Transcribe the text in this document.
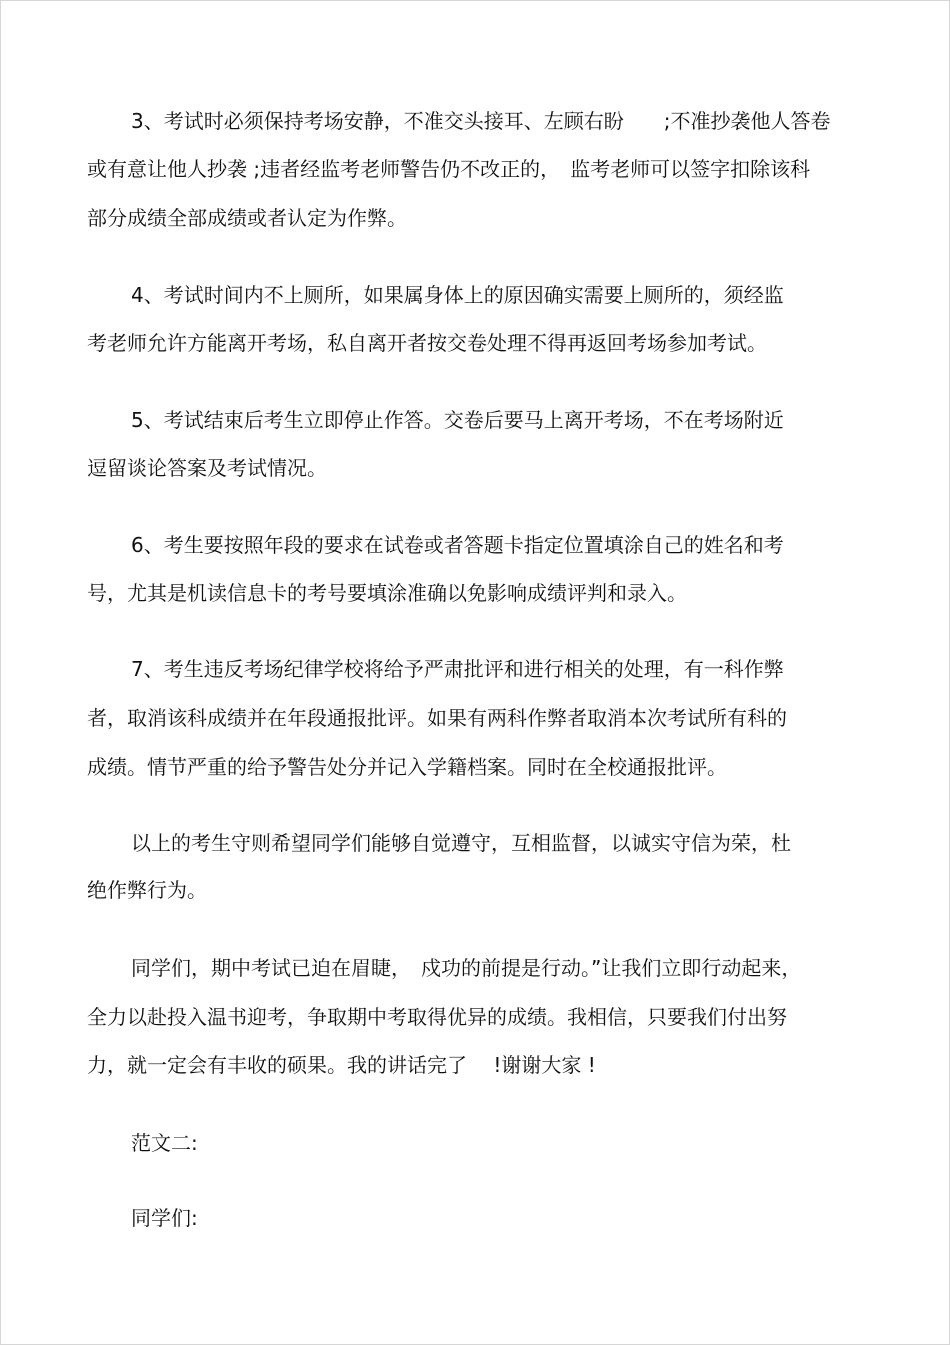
3、考试时必须保持考场安静，不准交头接耳、左顾右盼　　;不准抄袭他人答卷

或有意让他人抄袭 ;违者经监考老师警告仍不改正的，　监考老师可以签字扣除该科

部分成绩全部成绩或者认定为作弊。

4、考试时间内不上厕所，如果属身体上的原因确实需要上厕所的，须经监

考老师允许方能离开考场，私自离开者按交卷处理不得再返回考场参加考试。

5、考试结束后考生立即停止作答。交卷后要马上离开考场，不在考场附近

逗留谈论答案及考试情况。

6、考生要按照年段的要求在试卷或者答题卡指定位置填涂自己的姓名和考

号，尤其是机读信息卡的考号要填涂准确以免影响成绩评判和录入。

7、考生违反考场纪律学校将给予严肃批评和进行相关的处理，有一科作弊

者，取消该科成绩并在年段通报批评。如果有两科作弊者取消本次考试所有科的

成绩。情节严重的给予警告处分并记入学籍档案。同时在全校通报批评。

以上的考生守则希望同学们能够自觉遵守，互相监督，以诚实守信为荣，杜

绝作弊行为。

同学们，期中考试已迫在眉睫，　戍功的前提是行动。”让我们立即行动起来，

全力以赴投入温书迎考，争取期中考取得优异的成绩。我相信，只要我们付出努

力，就一定会有丰收的硕果。我的讲话完了　 !谢谢大家 !

范文二:

同学们:
